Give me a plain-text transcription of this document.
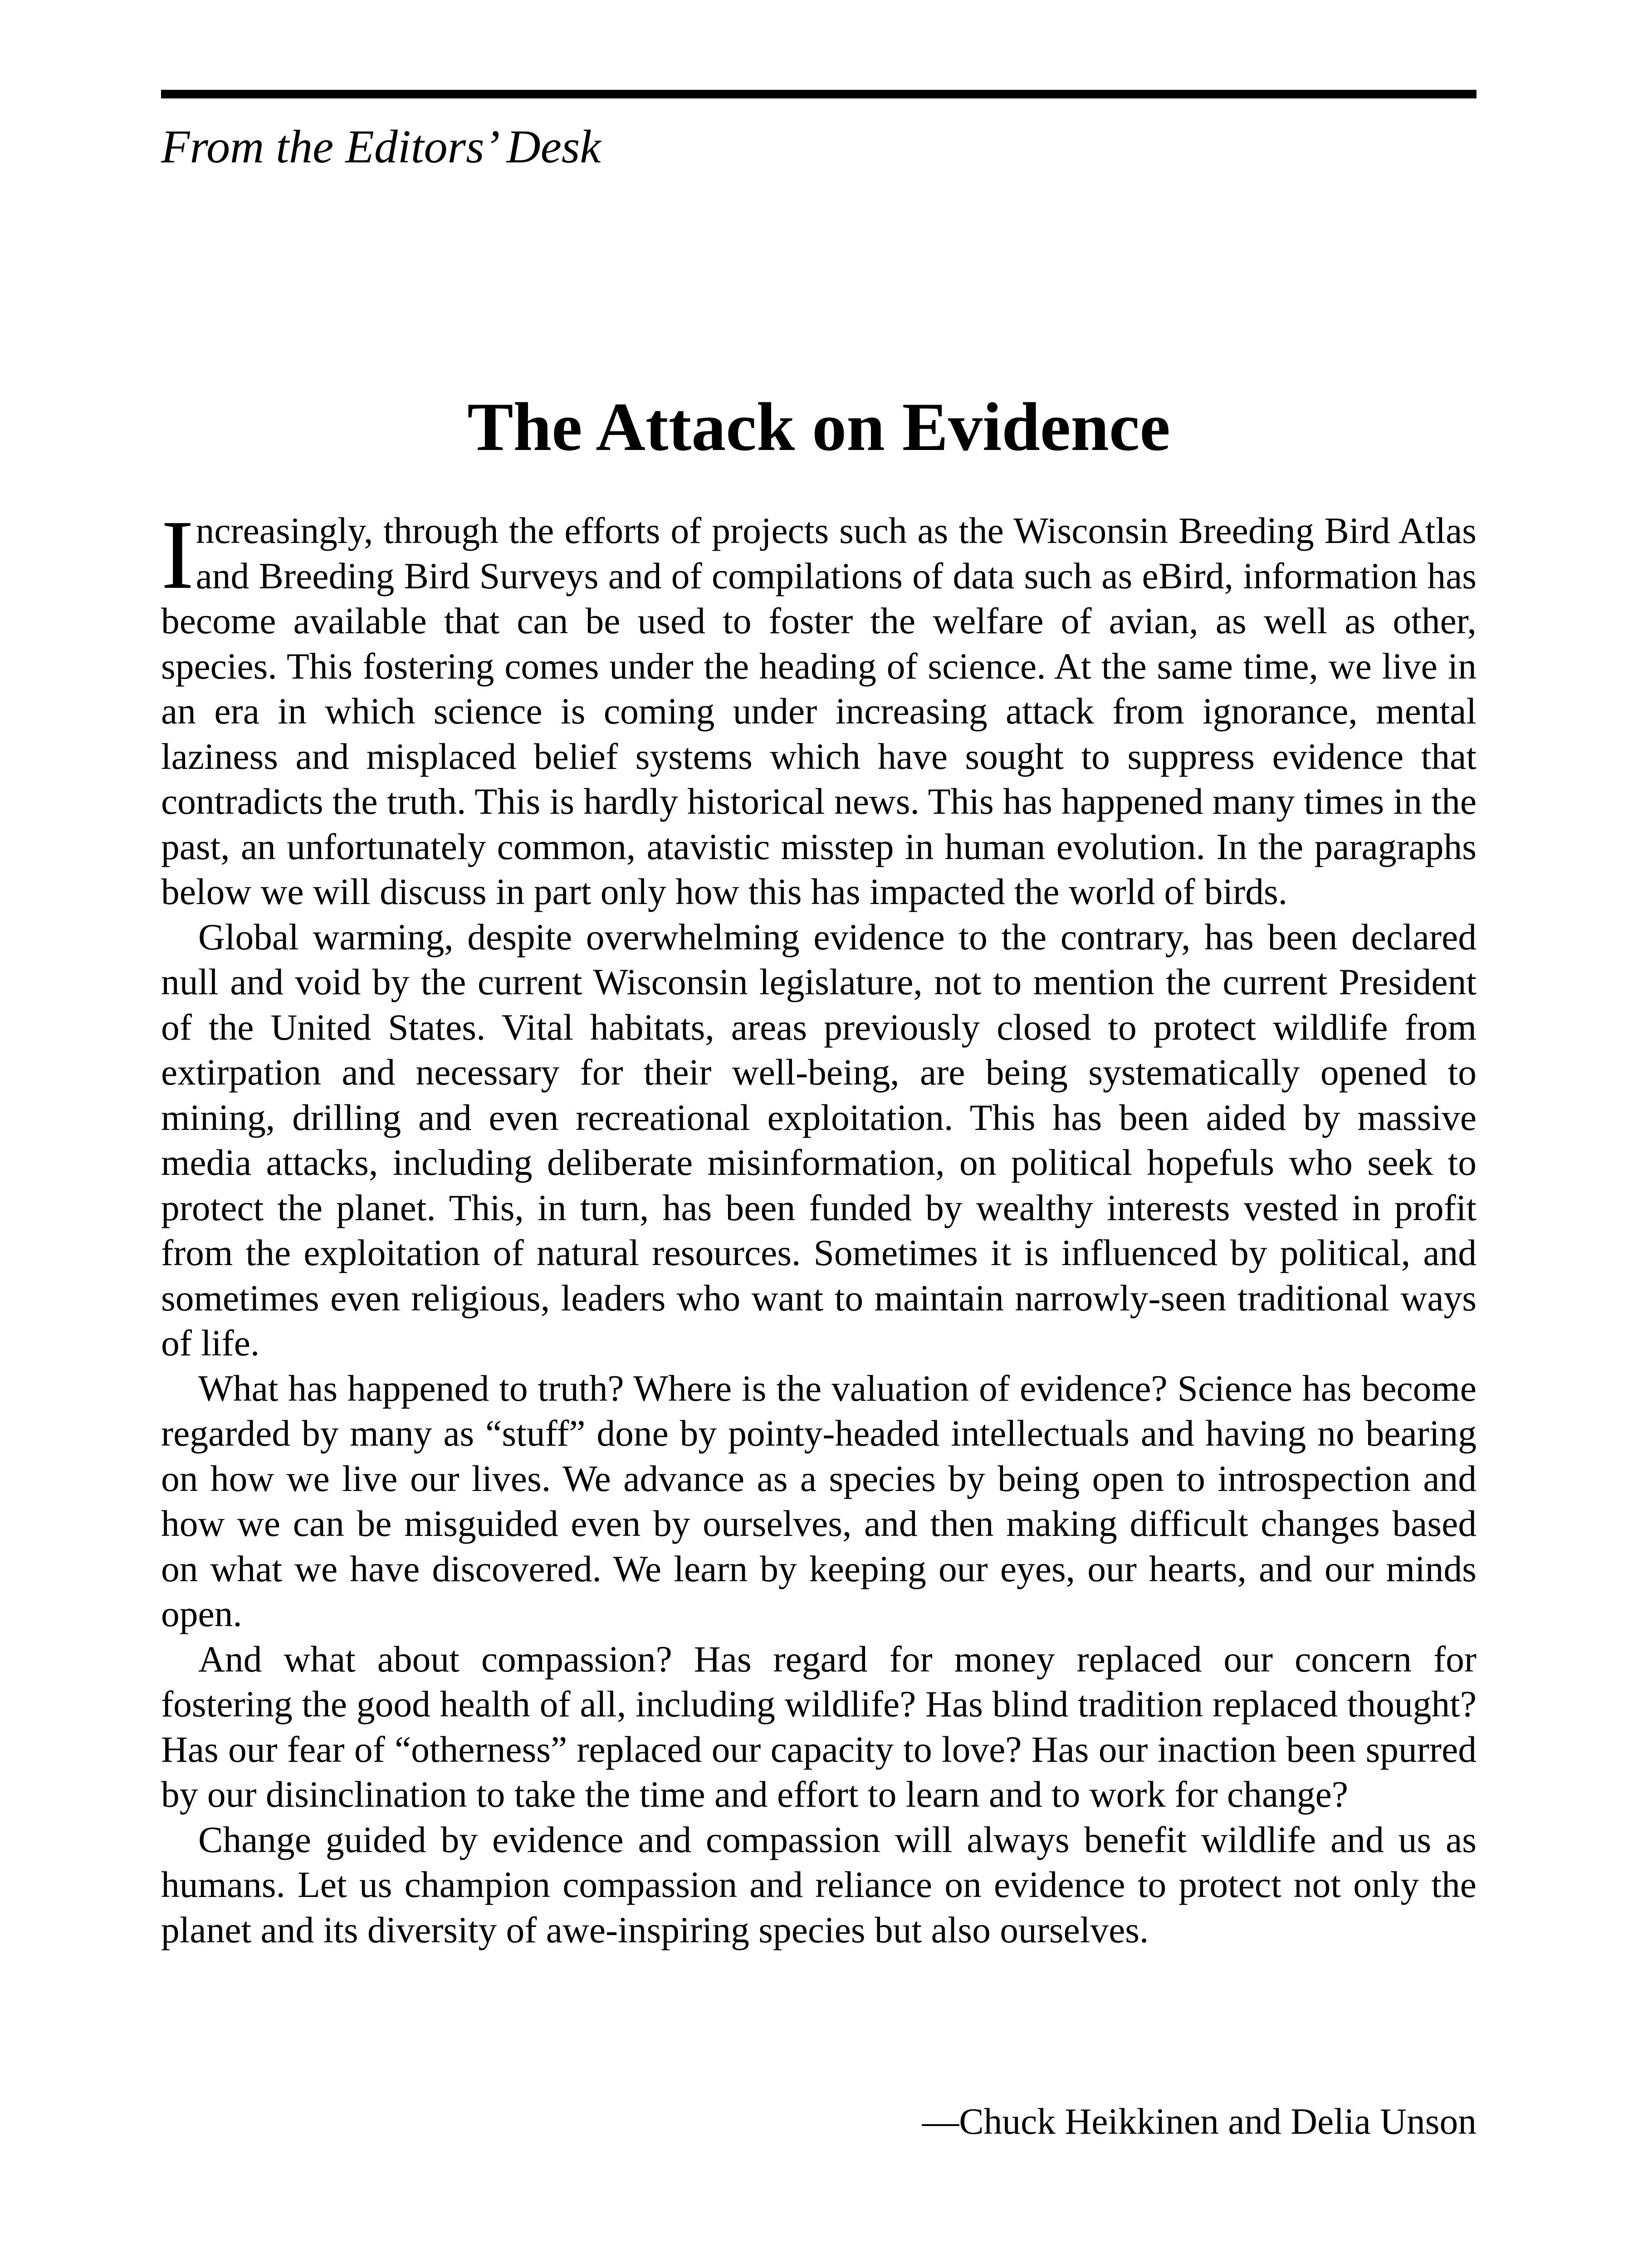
From the Editors’ Desk
The Attack on Evidence

Increasingly, through the efforts of projects such as the Wisconsin Breeding Bird Atlas and Breeding Bird Surveys and of compilations of data such as eBird, information has become available that can be used to foster the welfare of avian, as well as other, species. This fostering comes under the heading of science. At the same time, we live in an era in which science is coming under increasing attack from ignorance, mental laziness and misplaced belief systems which have sought to suppress evidence that contradicts the truth. This is hardly historical news. This has happened many times in the past, an unfortunately common, atavistic misstep in human evolution. In the paragraphs below we will discuss in part only how this has impacted the world of birds.

Global warming, despite overwhelming evidence to the contrary, has been declared null and void by the current Wisconsin legislature, not to mention the current President of the United States. Vital habitats, areas previously closed to protect wildlife from extirpation and necessary for their well-being, are being systematically opened to mining, drilling and even recreational exploitation. This has been aided by massive media attacks, including deliberate misinformation, on political hopefuls who seek to protect the planet. This, in turn, has been funded by wealthy interests vested in profit from the exploitation of natural resources. Sometimes it is influenced by political, and sometimes even religious, leaders who want to maintain narrowly-seen traditional ways of life.

What has happened to truth? Where is the valuation of evidence? Science has become regarded by many as “stuff” done by pointy-headed intellectuals and having no bearing on how we live our lives. We advance as a species by being open to introspection and how we can be misguided even by ourselves, and then making difficult changes based on what we have discovered. We learn by keeping our eyes, our hearts, and our minds open.

And what about compassion? Has regard for money replaced our concern for fostering the good health of all, including wildlife? Has blind tradition replaced thought? Has our fear of “otherness” replaced our capacity to love? Has our inaction been spurred by our disinclination to take the time and effort to learn and to work for change?

Change guided by evidence and compassion will always benefit wildlife and us as humans. Let us champion compassion and reliance on evidence to protect not only the planet and its diversity of awe-inspiring species but also ourselves.

—Chuck Heikkinen and Delia Unson
